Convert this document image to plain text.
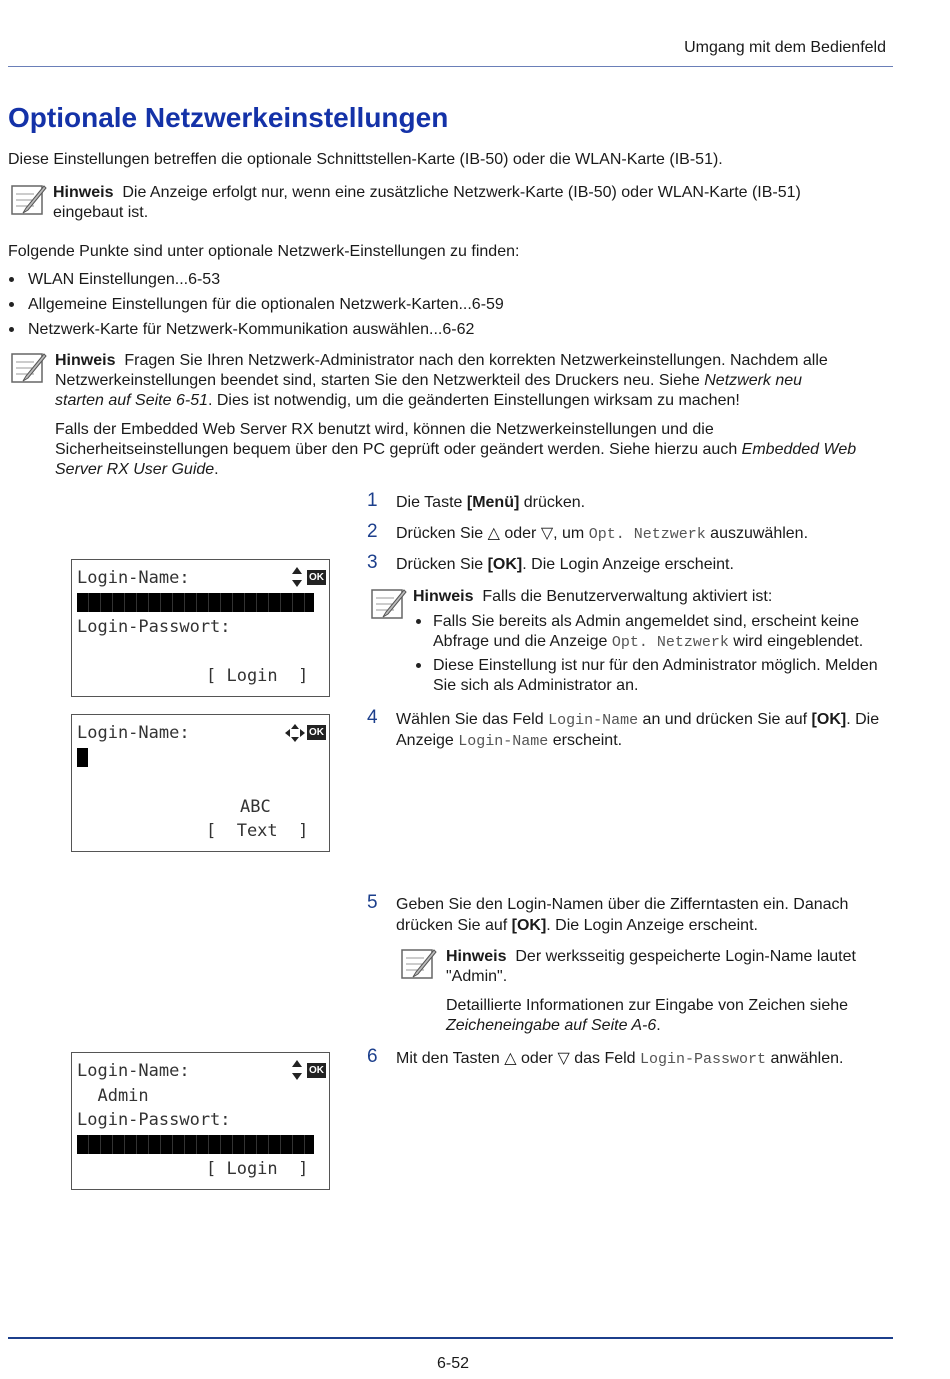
Umgang mit dem Bedienfeld
Optionale Netzwerkeinstellungen
Diese Einstellungen betreffen die optionale Schnittstellen-Karte (IB-50) oder die WLAN-Karte (IB-51).
Hinweis Die Anzeige erfolgt nur, wenn eine zusätzliche Netzwerk-Karte (IB-50) oder WLAN-Karte (IB-51)
eingebaut ist.
Folgende Punkte sind unter optionale Netzwerk-Einstellungen zu finden:
WLAN Einstellungen...6-53
Allgemeine Einstellungen für die optionalen Netzwerk-Karten...6-59
Netzwerk-Karte für Netzwerk-Kommunikation auswählen...6-62
Hinweis Fragen Sie Ihren Netzwerk-Administrator nach den korrekten Netzwerkeinstellungen. Nachdem alle
Netzwerkeinstellungen beendet sind, starten Sie den Netzwerkteil des Druckers neu. Siehe Netzwerk neu
starten auf Seite 6-51. Dies ist notwendig, um die geänderten Einstellungen wirksam zu machen!
Falls der Embedded Web Server RX benutzt wird, können die Netzwerkeinstellungen und die
Sicherheitseinstellungen bequem über den PC geprüft oder geändert werden. Siehe hierzu auch Embedded Web
Server RX User Guide.
1 Die Taste [Menü] drücken.
2 Drücken Sie △ oder ▽, um Opt. Netzwerk auszuwählen.
3 Drücken Sie [OK]. Die Login Anzeige erscheint.
Hinweis Falls die Benutzerverwaltung aktiviert ist:
Falls Sie bereits als Admin angemeldet sind, erscheint keine
Abfrage und die Anzeige Opt. Netzwerk wird eingeblendet.
Diese Einstellung ist nur für den Administrator möglich. Melden
Sie sich als Administrator an.
4 Wählen Sie das Feld Login-Name an und drücken Sie auf [OK]. Die
Anzeige Login-Name erscheint.
5 Geben Sie den Login-Namen über die Zifferntasten ein. Danach
drücken Sie auf [OK]. Die Login Anzeige erscheint.
Hinweis Der werksseitig gespeicherte Login-Name lautet
"Admin".
Detaillierte Informationen zur Eingabe von Zeichen siehe
Zeicheneingabe auf Seite A-6.
6 Mit den Tasten △ oder ▽ das Feld Login-Passwort anwählen.
Login-Name:	OK
Login-Passwort:
[ Login  ]
Login-Name:	OK
ABC
[  Text  ]
Login-Name:	OK
Admin
Login-Passwort:
[ Login  ]
6-52
